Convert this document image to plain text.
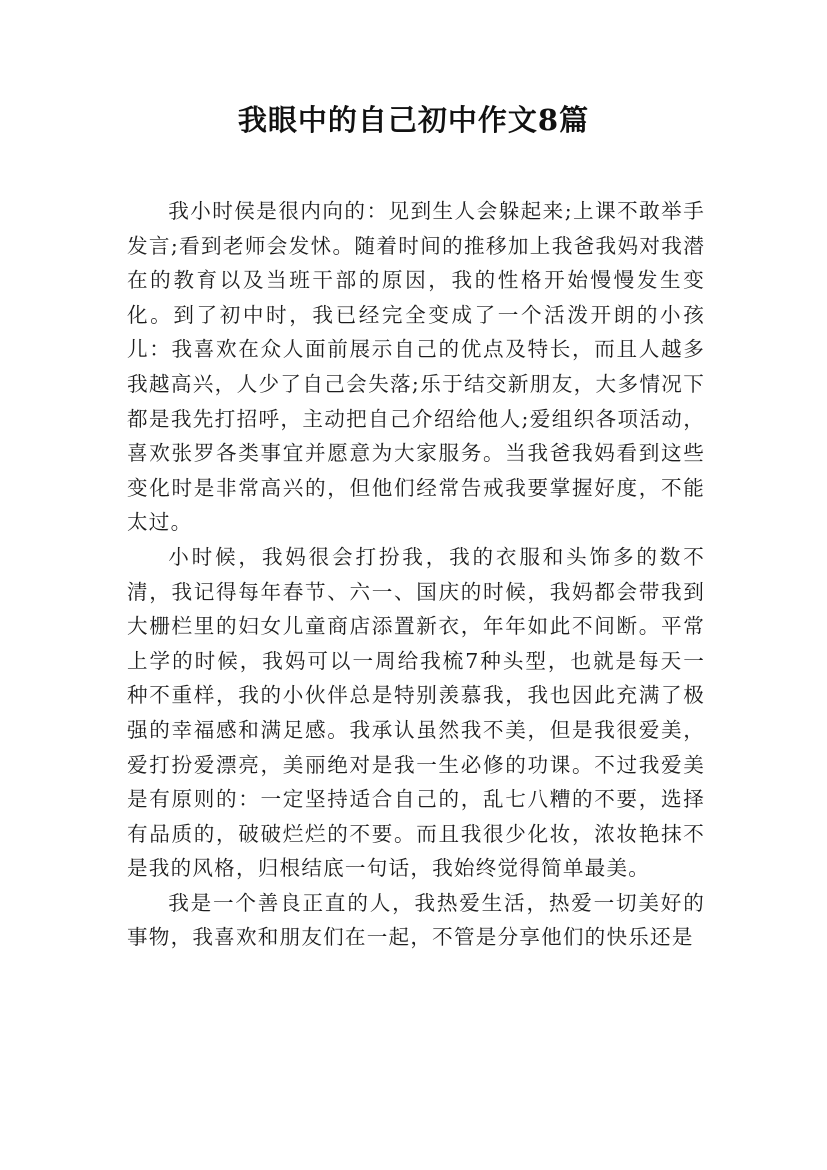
我眼中的自己初中作文8篇

我小时侯是很内向的：见到生人会躲起来;上课不敢举手发言;看到老师会发怵。随着时间的推移加上我爸我妈对我潜在的教育以及当班干部的原因，我的性格开始慢慢发生变化。到了初中时，我已经完全变成了一个活泼开朗的小孩儿：我喜欢在众人面前展示自己的优点及特长，而且人越多我越高兴，人少了自己会失落;乐于结交新朋友，大多情况下都是我先打招呼，主动把自己介绍给他人;爱组织各项活动，喜欢张罗各类事宜并愿意为大家服务。当我爸我妈看到这些变化时是非常高兴的，但他们经常告戒我要掌握好度，不能太过。

小时候，我妈很会打扮我，我的衣服和头饰多的数不清，我记得每年春节、六一、国庆的时候，我妈都会带我到大栅栏里的妇女儿童商店添置新衣，年年如此不间断。平常上学的时候，我妈可以一周给我梳7种头型，也就是每天一种不重样，我的小伙伴总是特别羡慕我，我也因此充满了极强的幸福感和满足感。我承认虽然我不美，但是我很爱美，爱打扮爱漂亮，美丽绝对是我一生必修的功课。不过我爱美是有原则的：一定坚持适合自己的，乱七八糟的不要，选择有品质的，破破烂烂的不要。而且我很少化妆，浓妆艳抹不是我的风格，归根结底一句话，我始终觉得简单最美。

我是一个善良正直的人，我热爱生活，热爱一切美好的事物，我喜欢和朋友们在一起，不管是分享他们的快乐还是
